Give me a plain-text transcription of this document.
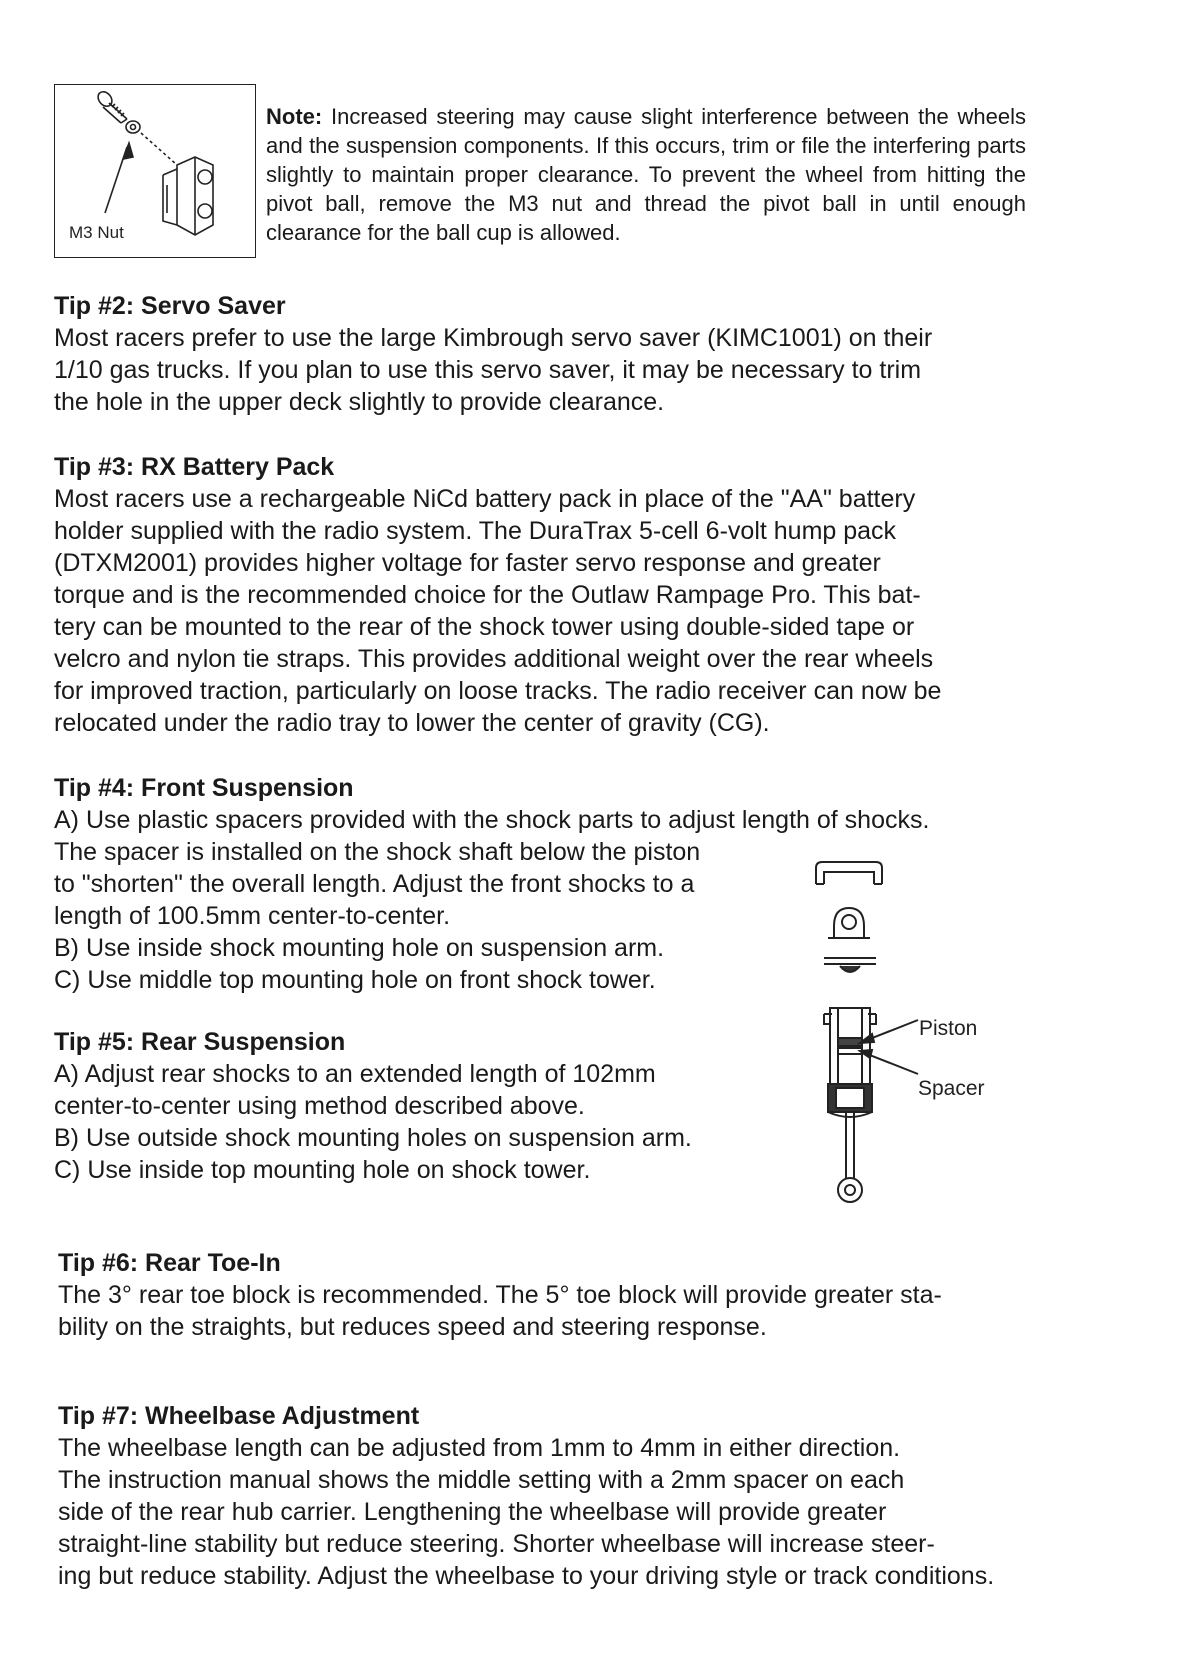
M3 Nut
Note: Increased steering may cause slight interference between the wheels and the suspension components. If this occurs, trim or file the interfering parts slightly to maintain proper clearance. To prevent the wheel from hitting the pivot ball, remove the M3 nut and thread the pivot ball in until enough clearance for the ball cup is allowed.
Tip #2: Servo Saver

Most racers prefer to use the large Kimbrough servo saver (KIMC1001) on their
1/10 gas trucks. If you plan to use this servo saver, it may be necessary to trim
the hole in the upper deck slightly to provide clearance.

Tip #3: RX Battery Pack

Most racers use a rechargeable NiCd battery pack in place of the "AA" battery
holder supplied with the radio system. The DuraTrax 5-cell 6-volt hump pack
(DTXM2001) provides higher voltage for faster servo response and greater
torque and is the recommended choice for the Outlaw Rampage Pro. This bat-
tery can be mounted to the rear of the shock tower using double-sided tape or
velcro and nylon tie straps. This provides additional weight over the rear wheels
for improved traction, particularly on loose tracks. The radio receiver can now be
relocated under the radio tray to lower the center of gravity (CG).

Tip #4: Front Suspension

A) Use plastic spacers provided with the shock parts to adjust length of shocks.
The spacer is installed on the shock shaft below the piston
to "shorten" the overall length. Adjust the front shocks to a
length of 100.5mm center-to-center.
B) Use inside shock mounting hole on suspension arm.
C) Use middle top mounting hole on front shock tower.

Tip #5: Rear Suspension

A) Adjust rear shocks to an extended length of 102mm
center-to-center using method described above.
B) Use outside shock mounting holes on suspension arm.
C) Use inside top mounting hole on shock tower.

Tip #6: Rear Toe-In

The 3° rear toe block is recommended. The 5° toe block will provide greater sta-
bility on the straights, but reduces speed and steering response.

Tip #7: Wheelbase Adjustment

The wheelbase length can be adjusted from 1mm to 4mm in either direction.
The instruction manual shows the middle setting with a 2mm spacer on each
side of the rear hub carrier. Lengthening the wheelbase will provide greater
straight-line stability but reduce steering. Shorter wheelbase will increase steer-
ing but reduce stability. Adjust the wheelbase to your driving style or track conditions.

Piston
Spacer
